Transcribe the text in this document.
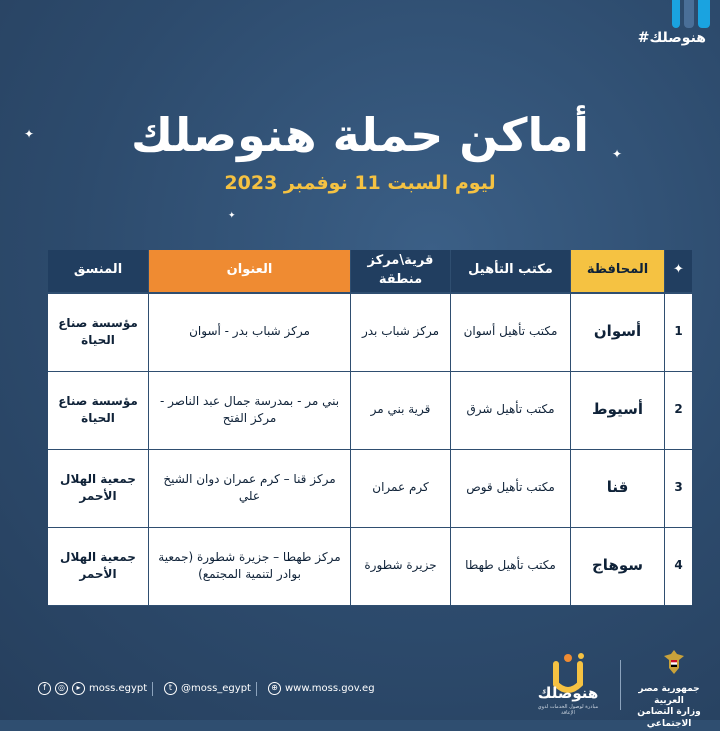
#هنوصلك
✦
✦
✦
أماكن حملة هنوصلك
ليوم السبت 11 نوفمبر 2023
✦	المحافظة	مكتب التأهيل	قرية\مركز منطقة	العنوان	المنسق
1	أسوان	مكتب تأهيل أسوان	مركز شباب بدر	مركز شباب بدر - أسوان	مؤسسة صناع الحياة
2	أسيوط	مكتب تأهيل شرق	قرية بني مر	بني مر - بمدرسة جمال عبد الناصر - مركز الفتح	مؤسسة صناع الحياة
3	قنا	مكتب تأهيل قوص	كرم عمران	مركز قنا – كرم عمران دوان الشيخ علي	جمعية الهلال الأحمر
4	سوهاج	مكتب تأهيل طهطا	جزيرة شطورة	مركز طهطا – جزيرة شطورة (جمعية بوادر لتنمية المجتمع)	جمعية الهلال الأحمر
f	◎	▸ moss.egypt	t @moss_egypt	⊕ www.moss.gov.eg	هنوصلك
مبادرة لوصول الخدمات لذوي الإعاقة
جمهورية مصر العربية
وزارة التضامن الاجتماعي
